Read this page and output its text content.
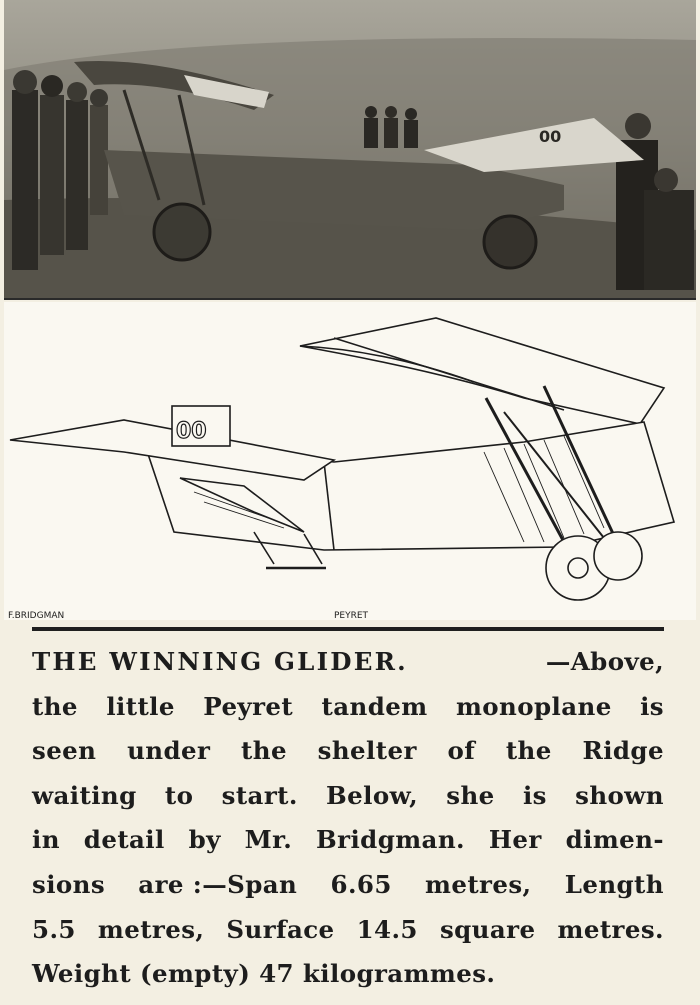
00
00
F.BRIDGMAN	PEYRET
THE WINNING GLIDER.	—Above,
the little Peyret tandem monoplane is
seen under the shelter of the Ridge
waiting to start. Below, she is shown
in detail by Mr. Bridgman. Her dimen-
sions are :—Span 6.65 metres, Length
5.5 metres, Surface 14.5 square metres.
Weight (empty) 47 kilogrammes.
